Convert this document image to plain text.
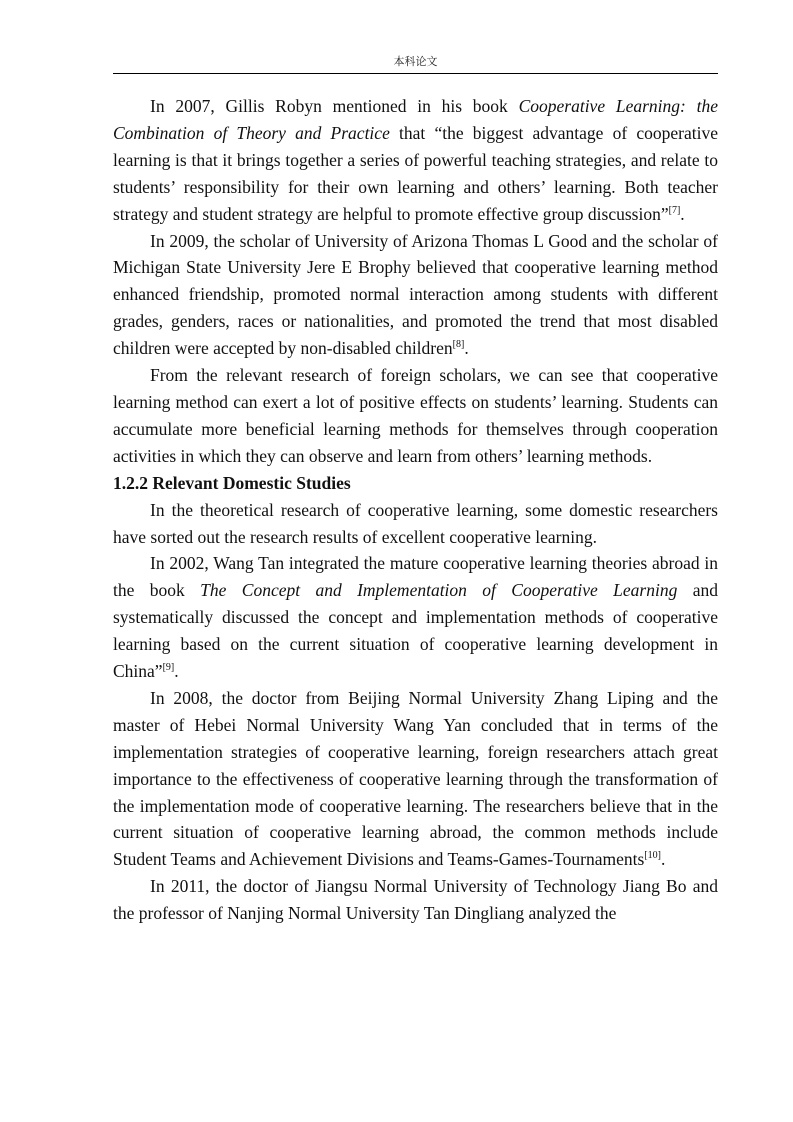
本科论文

In 2007, Gillis Robyn mentioned in his book Cooperative Learning: the Combination of Theory and Practice that “the biggest advantage of cooperative learning is that it brings together a series of powerful teaching strategies, and relate to students’ responsibility for their own learning and others’ learning. Both teacher strategy and student strategy are helpful to promote effective group discussion”[7].

In 2009, the scholar of University of Arizona Thomas L Good and the scholar of Michigan State University Jere E Brophy believed that cooperative learning method enhanced friendship, promoted normal interaction among students with different grades, genders, races or nationalities, and promoted the trend that most disabled children were accepted by non-disabled children[8].

From the relevant research of foreign scholars, we can see that cooperative learning method can exert a lot of positive effects on students’ learning. Students can accumulate more beneficial learning methods for themselves through cooperation activities in which they can observe and learn from others’ learning methods.

1.2.2 Relevant Domestic Studies

In the theoretical research of cooperative learning, some domestic researchers have sorted out the research results of excellent cooperative learning.

In 2002, Wang Tan integrated the mature cooperative learning theories abroad in the book The Concept and Implementation of Cooperative Learning and systematically discussed the concept and implementation methods of cooperative learning based on the current situation of cooperative learning development in China”[9].

In 2008, the doctor from Beijing Normal University Zhang Liping and the master of Hebei Normal University Wang Yan concluded that in terms of the implementation strategies of cooperative learning, foreign researchers attach great importance to the effectiveness of cooperative learning through the transformation of the implementation mode of cooperative learning. The researchers believe that in the current situation of cooperative learning abroad, the common methods include Student Teams and Achievement Divisions and Teams-Games-Tournaments[10].

In 2011, the doctor of Jiangsu Normal University of Technology Jiang Bo and the professor of Nanjing Normal University Tan Dingliang analyzed the
